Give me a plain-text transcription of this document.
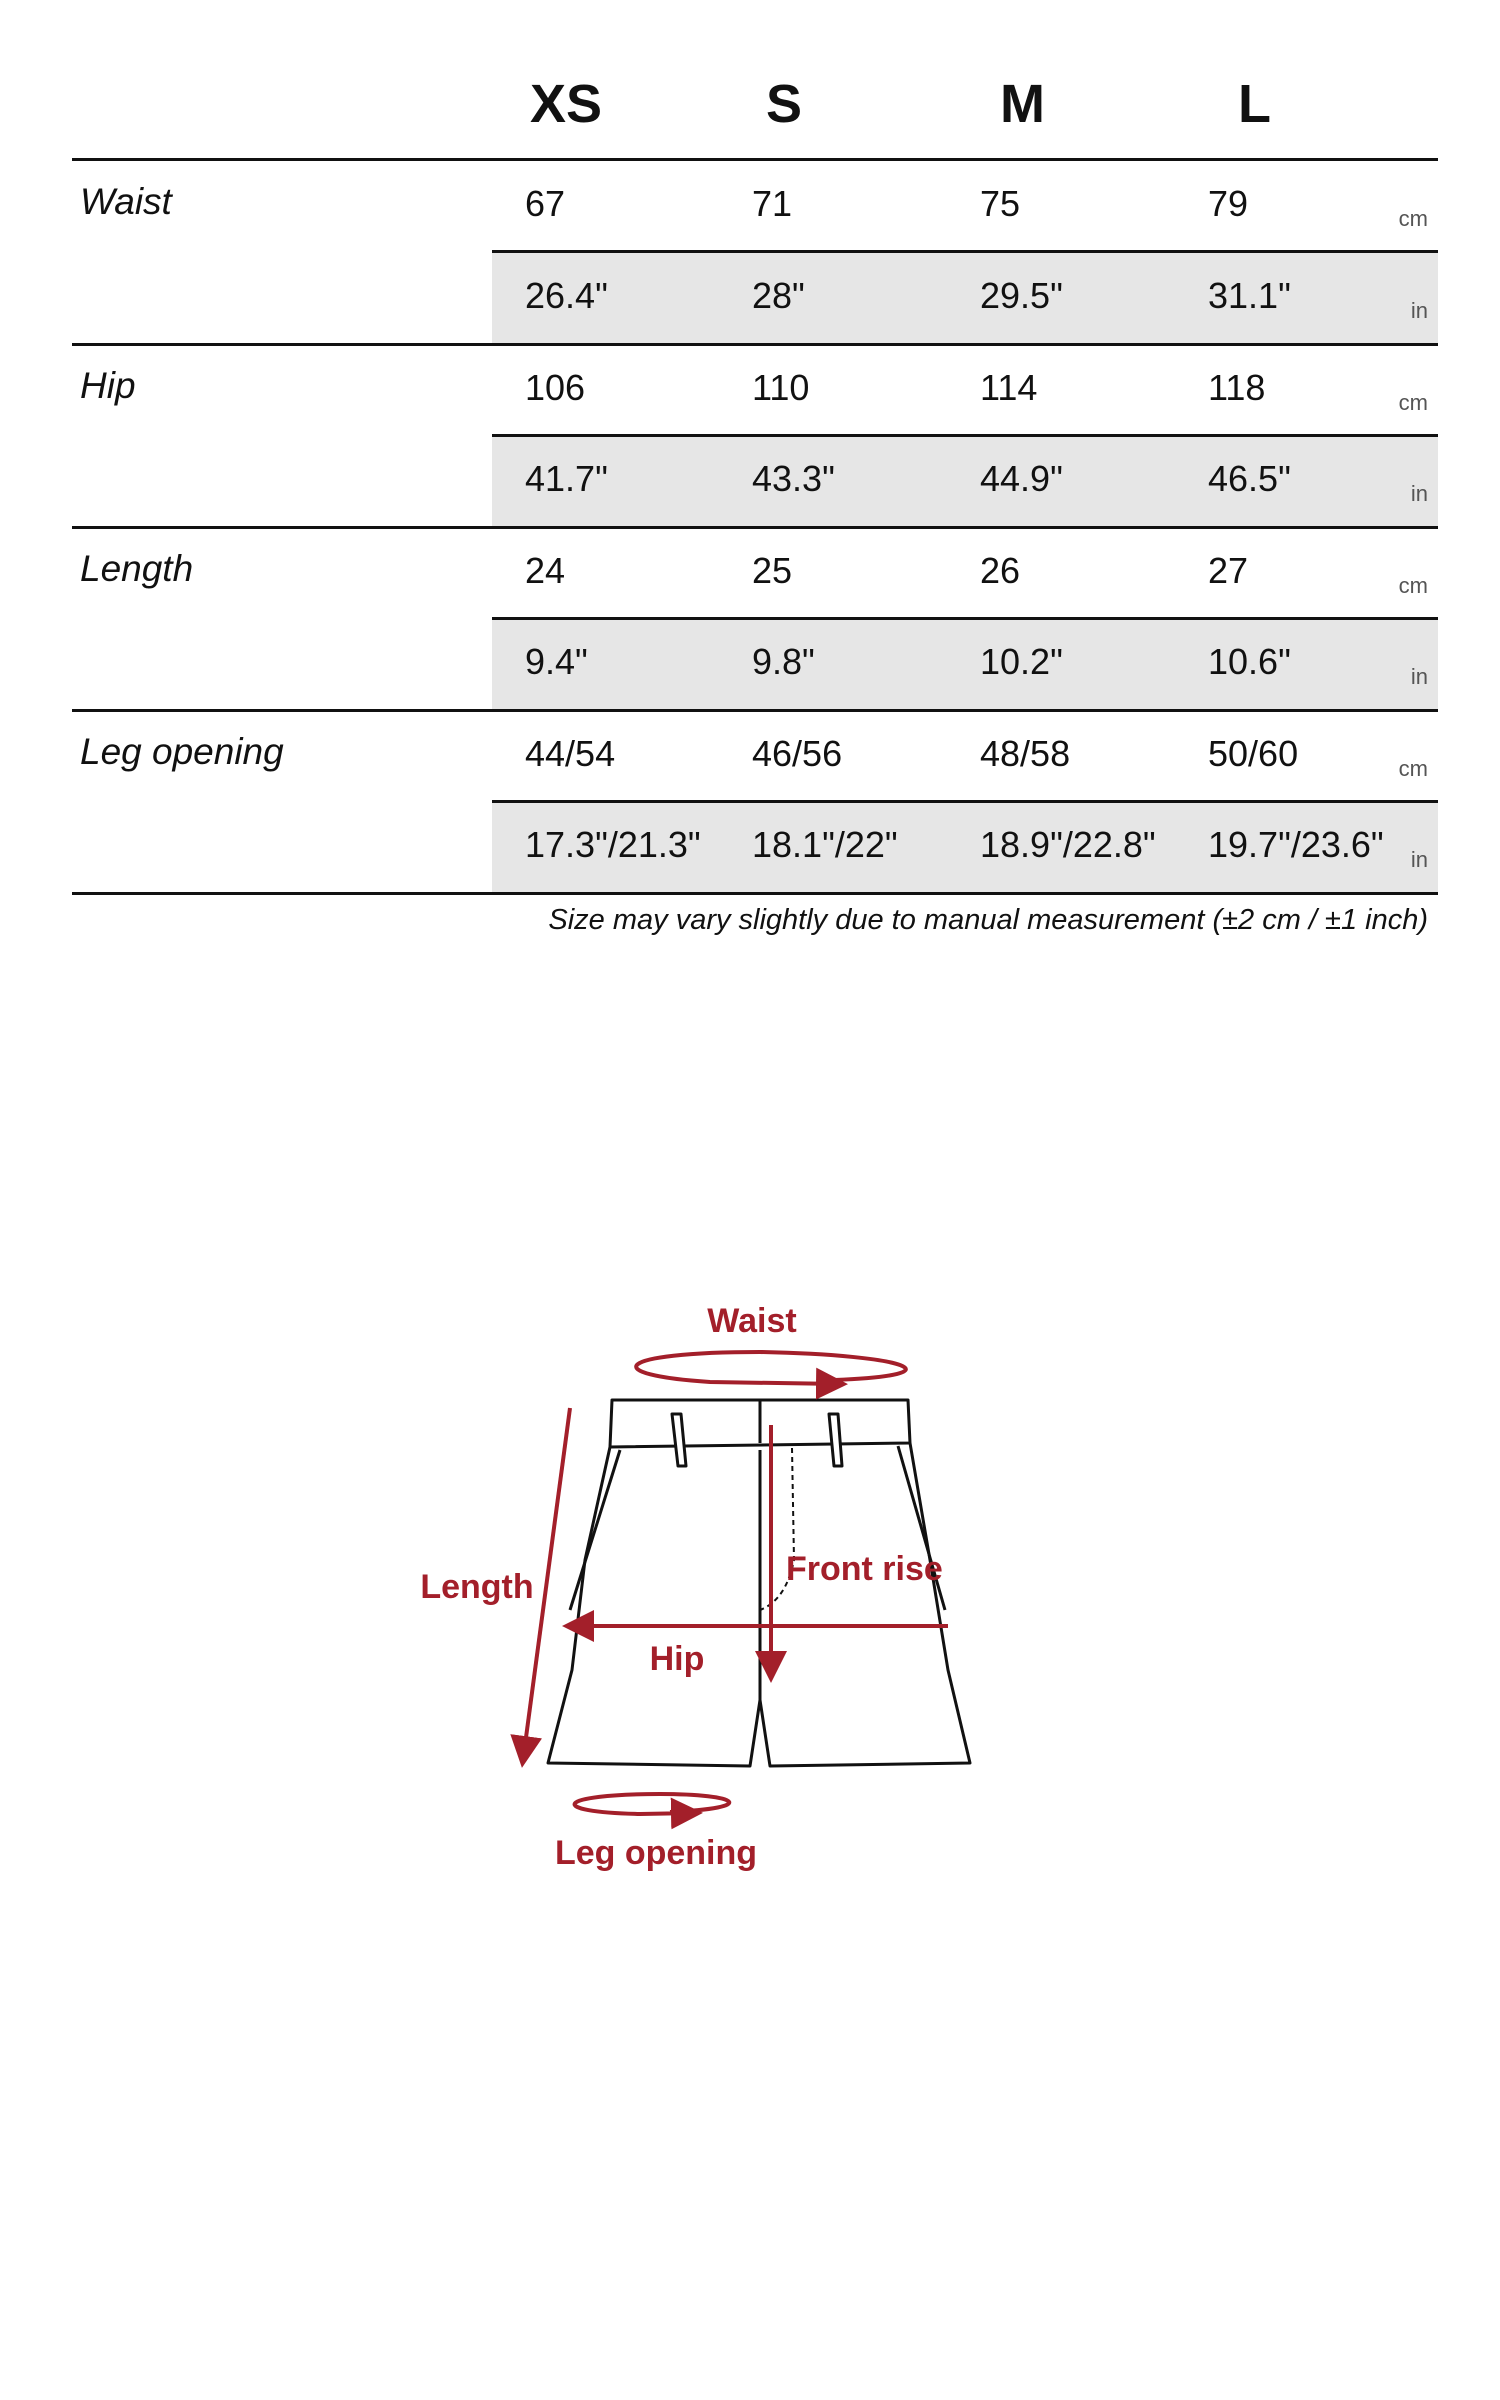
XS	S	M	L
Waist	67	71	75	79	cm
26.4"	28"	29.5"	31.1"	in
Hip	106	110	114	118	cm
41.7"	43.3"	44.9"	46.5"	in
Length	24	25	26	27	cm
9.4"	9.8"	10.2"	10.6"	in
Leg opening	44/54	46/56	48/58	50/60	cm
17.3"/21.3" 18.1"/22" 18.9"/22.8" 19.7"/23.6" in
Size may vary slightly due to manual measurement (±2 cm / ±1 inch)
Waist
Length	Front rise
Hip
Leg opening
